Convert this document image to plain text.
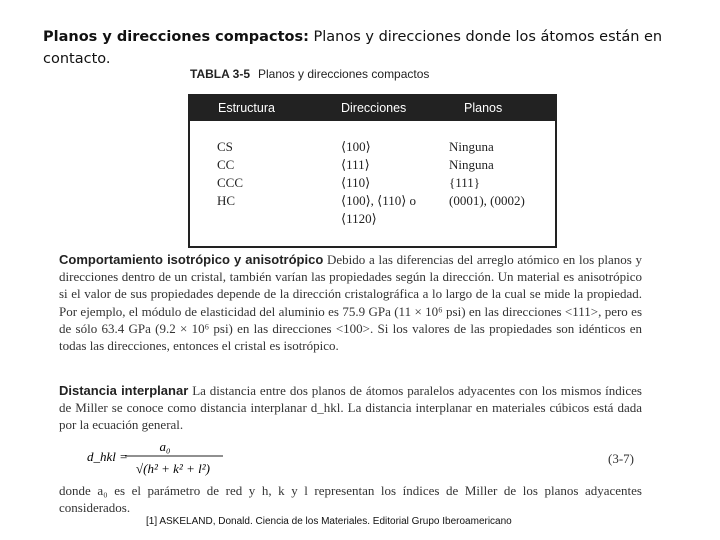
Planos y direcciones compactos: Planos y direcciones donde los átomos están en contacto.
TABLA 3-5 Planos y direcciones compactos
Estructura	Direcciones	Planos
CS	⟨100⟩	Ninguna
CC	⟨111⟩	Ninguna
CCC	⟨110⟩	{111}
HC	⟨100⟩, ⟨110⟩ o	(0001), (0002)
⟨1120⟩
Comportamiento isotrópico y anisotrópico Debido a las diferencias del arreglo atómico en los planos y direcciones dentro de un cristal, también varían las propiedades según la dirección. Un material es anisotrópico si el valor de sus propiedades depende de la dirección cristalográfica a lo largo de la cual se mide la propiedad. Por ejemplo, el módulo de elasticidad del aluminio es 75.9 GPa (11 × 10⁶ psi) en las direcciones <111>, pero es de sólo 63.4 GPa (9.2 × 10⁶ psi) en las direcciones <100>. Si los valores de las propiedades son idénticos en todas las direcciones, entonces el cristal es isotrópico.
Distancia interplanar La distancia entre dos planos de átomos paralelos adyacentes con los mismos índices de Miller se conoce como distancia interplanar d_hkl. La distancia interplanar en materiales cúbicos está dada por la ecuación general.
d_hkl =
a₀
√(h² + k² + l²)
(3-7)
donde a₀ es el parámetro de red y h, k y l representan los índices de Miller de los planos adyacentes considerados.
[1] ASKELAND, Donald. Ciencia de los Materiales. Editorial Grupo Iberoamericano
